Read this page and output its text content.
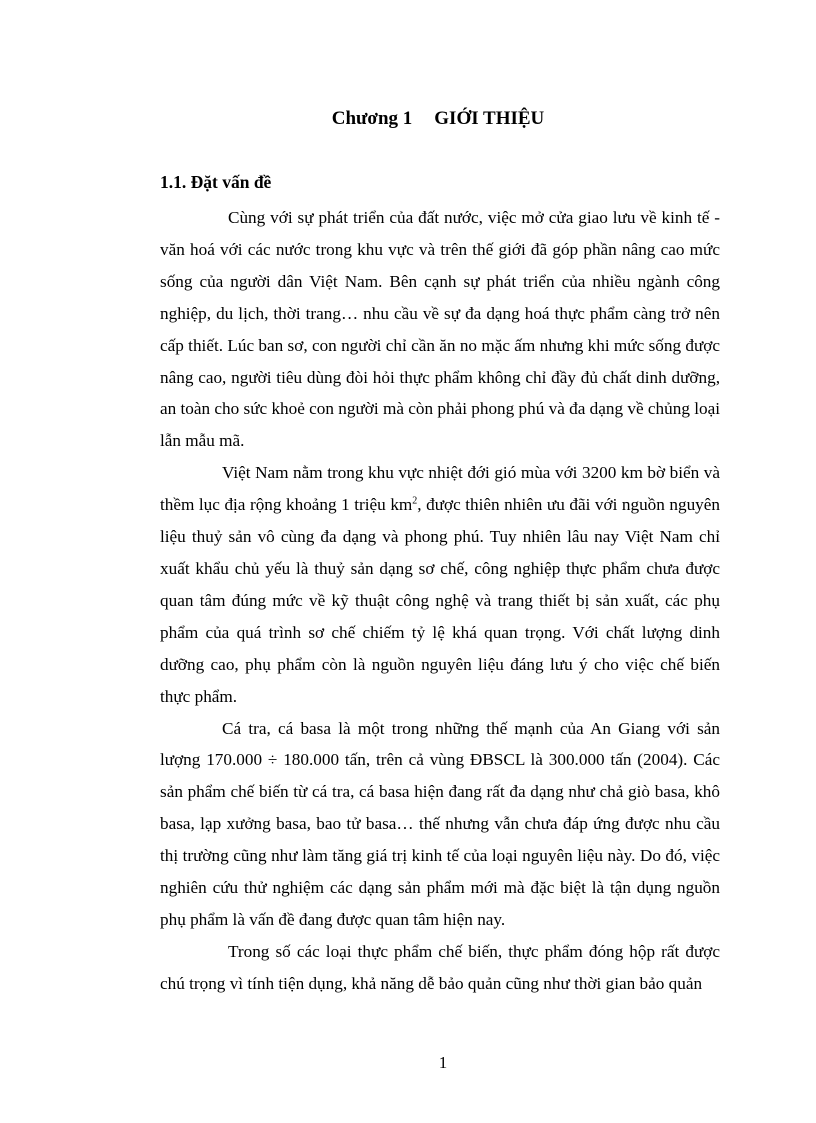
Chương 1 GIỚI THIỆU
1.1. Đặt vấn đề

Cùng với sự phát triển của đất nước, việc mở cửa giao lưu về kinh tế - văn hoá với các nước trong khu vực và trên thế giới đã góp phần nâng cao mức sống của người dân Việt Nam. Bên cạnh sự phát triển của nhiều ngành công nghiệp, du lịch, thời trang… nhu cầu về sự đa dạng hoá thực phẩm càng trở nên cấp thiết. Lúc ban sơ, con người chỉ cần ăn no mặc ấm nhưng khi mức sống được nâng cao, người tiêu dùng đòi hỏi thực phẩm không chỉ đầy đủ chất dinh dưỡng, an toàn cho sức khoẻ con người mà còn phải phong phú và đa dạng về chủng loại lẫn mẫu mã.

Việt Nam nằm trong khu vực nhiệt đới gió mùa với 3200 km bờ biển và thềm lục địa rộng khoảng 1 triệu $km^2$, được thiên nhiên ưu đãi với nguồn nguyên liệu thuỷ sản vô cùng đa dạng và phong phú. Tuy nhiên lâu nay Việt Nam chỉ xuất khẩu chủ yếu là thuỷ sản dạng sơ chế, công nghiệp thực phẩm chưa được quan tâm đúng mức về kỹ thuật công nghệ và trang thiết bị sản xuất, các phụ phẩm của quá trình sơ chế chiếm tỷ lệ khá quan trọng. Với chất lượng dinh dưỡng cao, phụ phẩm còn là nguồn nguyên liệu đáng lưu ý cho việc chế biến thực phẩm.

Cá tra, cá basa là một trong những thế mạnh của An Giang với sản lượng 170.000 ÷ 180.000 tấn, trên cả vùng ĐBSCL là 300.000 tấn (2004). Các sản phẩm chế biến từ cá tra, cá basa hiện đang rất đa dạng như chả giò basa, khô basa, lạp xưởng basa, bao tử basa… thế nhưng vẫn chưa đáp ứng được nhu cầu thị trường cũng như làm tăng giá trị kinh tế của loại nguyên liệu này. Do đó, việc nghiên cứu thử nghiệm các dạng sản phẩm mới mà đặc biệt là tận dụng nguồn phụ phẩm là vấn đề đang được quan tâm hiện nay.

Trong số các loại thực phẩm chế biến, thực phẩm đóng hộp rất được chú trọng vì tính tiện dụng, khả năng dễ bảo quản cũng như thời gian bảo quản

1
